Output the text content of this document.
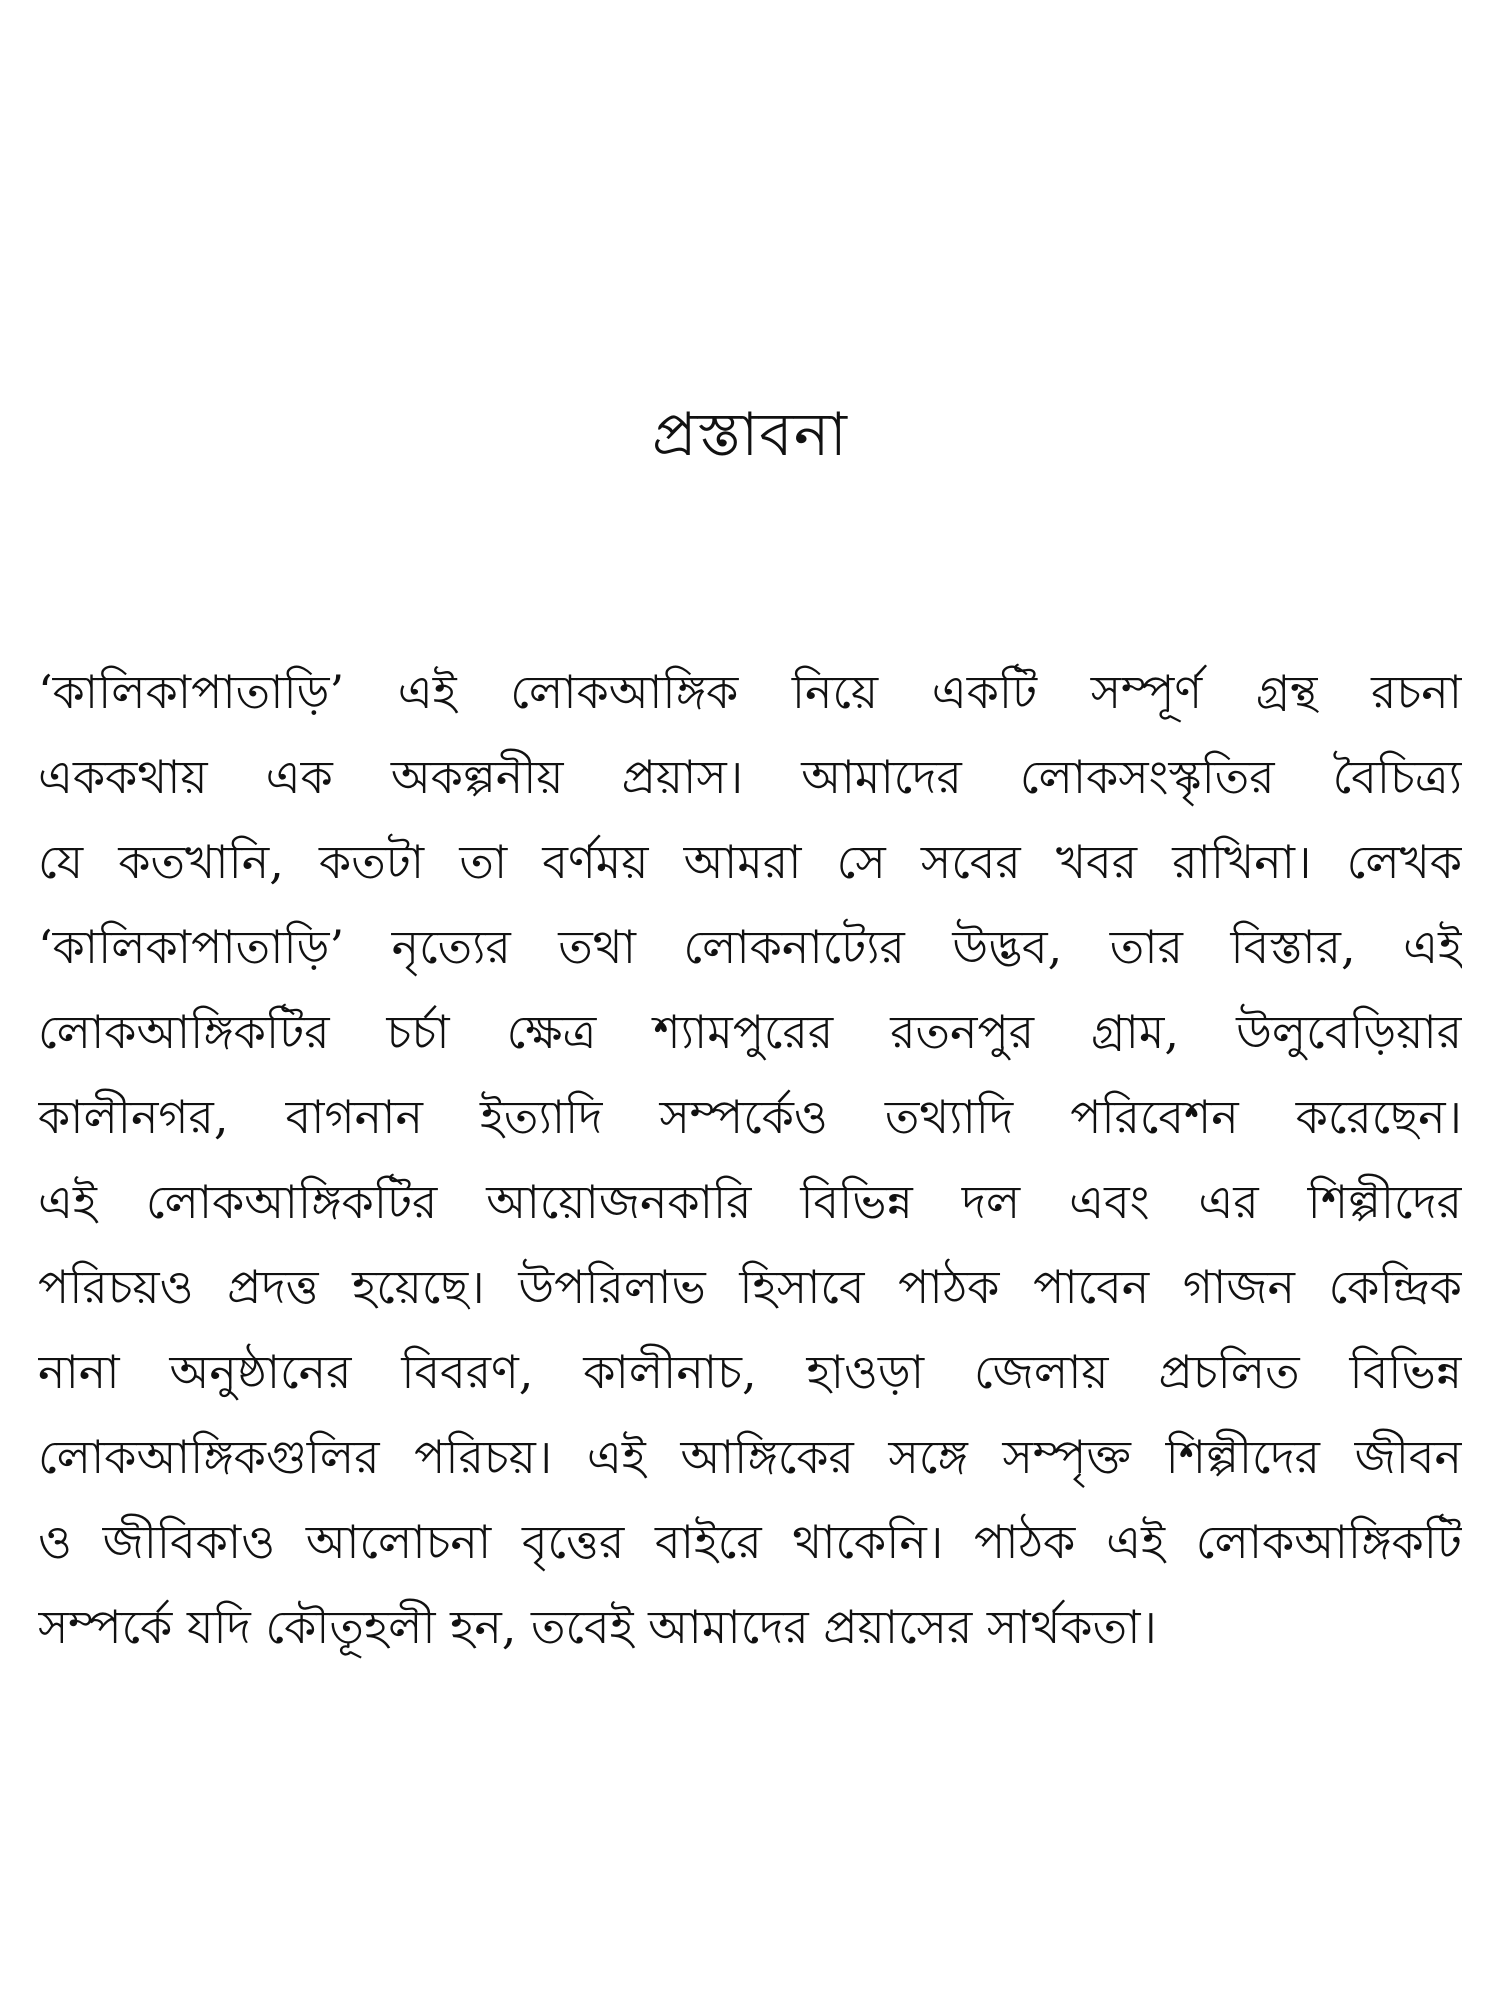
প্রস্তাবনা
‘কালিকাপাতাড়ি’ এই লোকআঙ্গিক নিয়ে একটি সম্পূর্ণ গ্রন্থ রচনা
এককথায় এক অকল্পনীয় প্রয়াস। আমাদের লোকসংস্কৃতির বৈচিত্র্য
যে কতখানি, কতটা তা বর্ণময় আমরা সে সবের খবর রাখিনা। লেখক
‘কালিকাপাতাড়ি’ নৃত্যের তথা লোকনাট্যের উদ্ভব, তার বিস্তার, এই
লোকআঙ্গিকটির চর্চা ক্ষেত্র শ্যামপুরের রতনপুর গ্রাম, উলুবেড়িয়ার
কালীনগর, বাগনান ইত্যাদি সম্পর্কেও তথ্যাদি পরিবেশন করেছেন।
এই লোকআঙ্গিকটির আয়োজনকারি বিভিন্ন দল এবং এর শিল্পীদের
পরিচয়ও প্রদত্ত হয়েছে। উপরিলাভ হিসাবে পাঠক পাবেন গাজন কেন্দ্রিক
নানা অনুষ্ঠানের বিবরণ, কালীনাচ, হাওড়া জেলায় প্রচলিত বিভিন্ন
লোকআঙ্গিকগুলির পরিচয়। এই আঙ্গিকের সঙ্গে সম্পৃক্ত শিল্পীদের জীবন
ও জীবিকাও আলোচনা বৃত্তের বাইরে থাকেনি। পাঠক এই লোকআঙ্গিকটি
সম্পর্কে যদি কৌতূহলী হন, তবেই আমাদের প্রয়াসের সার্থকতা।
